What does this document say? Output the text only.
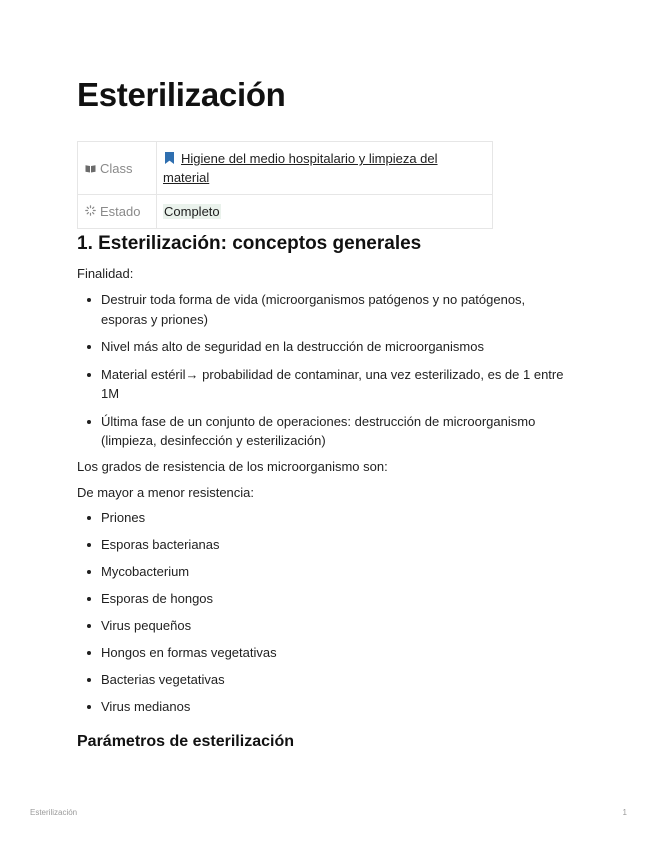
Esterilización
Class	Higiene del medio hospitalario y limpieza del material
Estado	Completo
1. Esterilización: conceptos generales

Finalidad:

Destruir toda forma de vida (microorganismos patógenos y no patógenos, esporas y priones)
Nivel más alto de seguridad en la destrucción de microorganismos
Material estéril→ probabilidad de contaminar, una vez esterilizado, es de 1 entre 1M
Última fase de un conjunto de operaciones: destrucción de microorganismo (limpieza, desinfección y esterilización)

Los grados de resistencia de los microorganismo son:

De mayor a menor resistencia:

Priones
Esporas bacterianas
Mycobacterium
Esporas de hongos
Virus pequeños
Hongos en formas vegetativas
Bacterias vegetativas
Virus medianos
Parámetros de esterilización
Esterilización	1
